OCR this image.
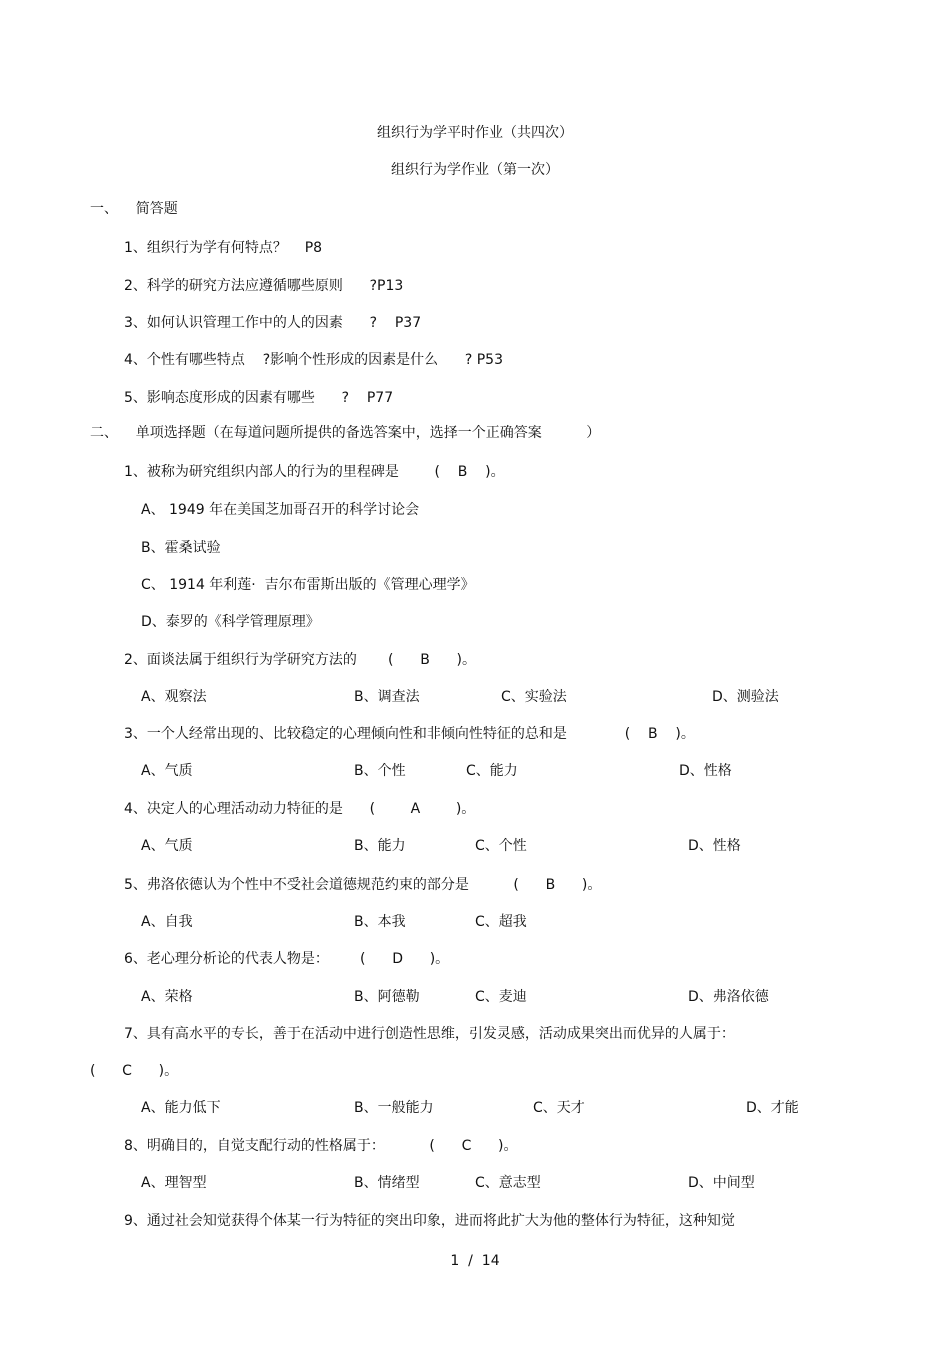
组织行为学平时作业（共四次）
组织行为学作业（第一次）
一、    简答题
1、组织行为学有何特点？    P8
2、科学的研究方法应遵循哪些原则      ?P13
3、如何认识管理工作中的人的因素      ?    P37
4、个性有哪些特点    ?影响个性形成的因素是什么      ? P53
5、影响态度形成的因素有哪些      ?    P77
二、    单项选择题（在每道问题所提供的备选答案中，选择一个正确答案          ）
1、被称为研究组织内部人的行为的里程碑是        (    B    )。
A、 1949 年在美国芝加哥召开的科学讨论会
B、霍桑试验
C、 1914 年利莲·  吉尔布雷斯出版的《管理心理学》
D、泰罗的《科学管理原理》
2、面谈法属于组织行为学研究方法的       (      B      )。
A、观察法	B、调查法	C、实验法	D、测验法
3、一个人经常出现的、比较稳定的心理倾向性和非倾向性特征的总和是             (    B    )。
A、气质	B、个性	C、能力	D、性格
4、决定人的心理活动动力特征的是      (        A        )。
A、气质	B、能力	C、个性	D、性格
5、弗洛依德认为个性中不受社会道德规范约束的部分是          (      B      )。
A、自我	B、本我	C、超我
6、老心理分析论的代表人物是：       (      D      )。
A、荣格	B、阿德勒	C、麦迪	D、弗洛依德
7、具有高水平的专长，善于在活动中进行创造性思维，引发灵感，活动成果突出而优异的人属于：
(      C      )。
A、能力低下	B、一般能力	C、天才	D、才能
8、明确目的，自觉支配行动的性格属于：          (      C      )。
A、理智型	B、情绪型	C、意志型	D、中间型
9、通过社会知觉获得个体某一行为特征的突出印象，进而将此扩大为他的整体行为特征，这种知觉
1  /  14
